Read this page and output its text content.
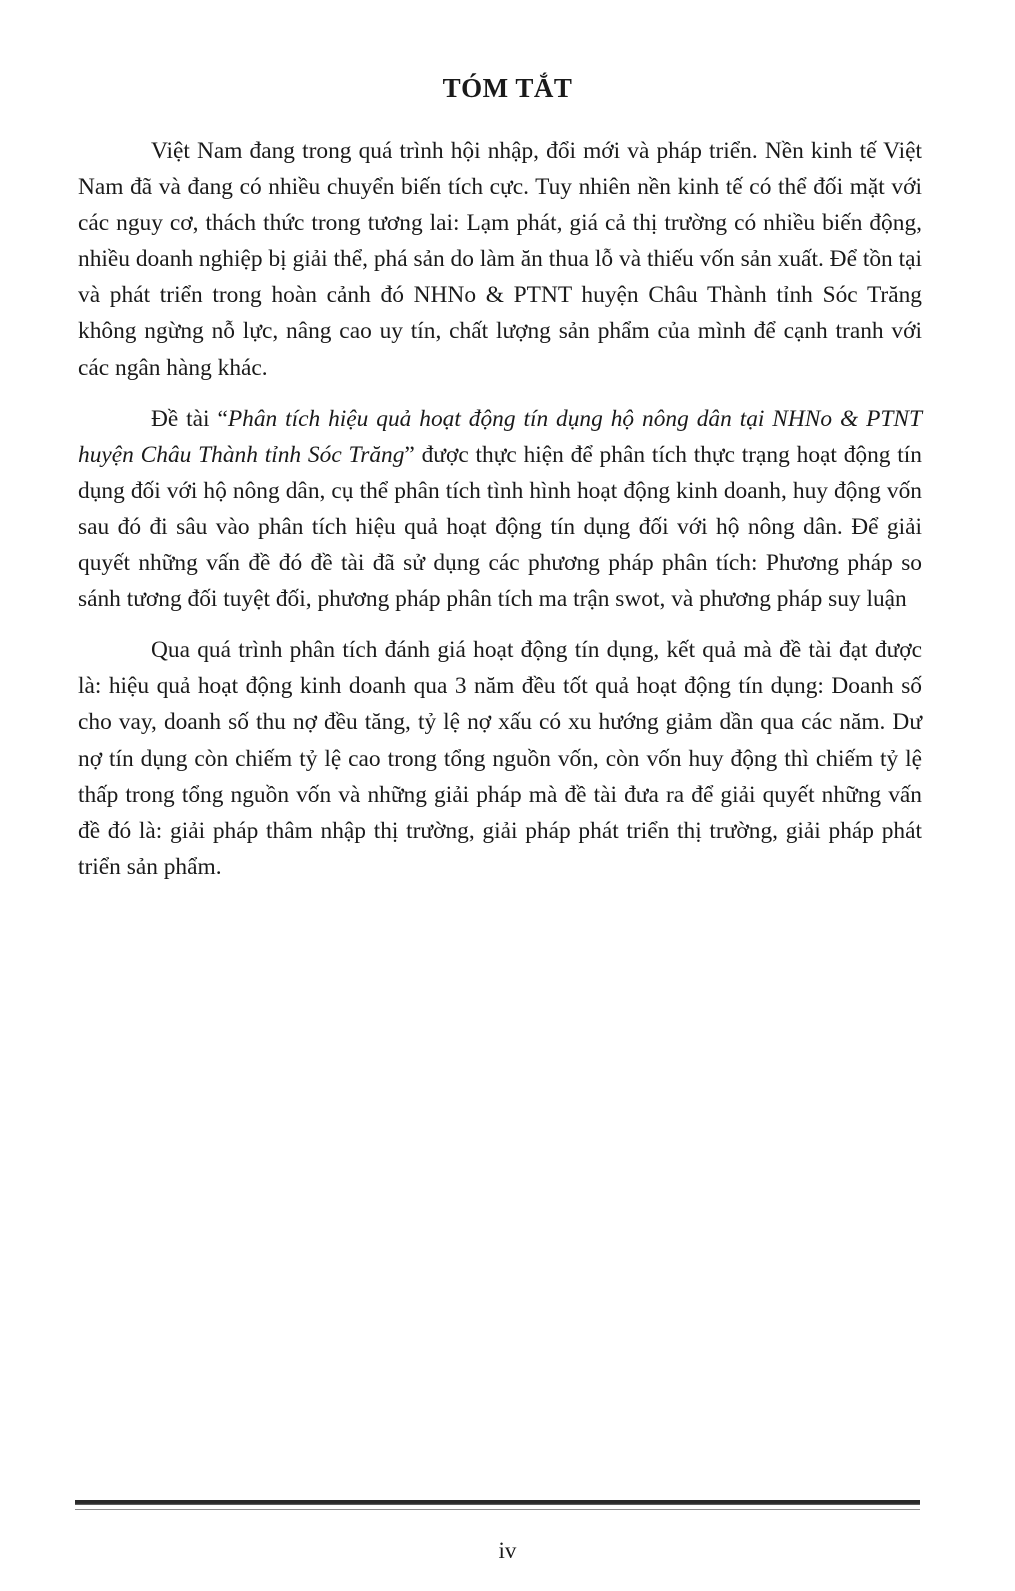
TÓM TẮT

Việt Nam đang trong quá trình hội nhập, đổi mới và pháp triển. Nền kinh tế Việt Nam đã và đang có nhiều chuyển biến tích cực. Tuy nhiên nền kinh tế có thể đối mặt với các nguy cơ, thách thức trong tương lai: Lạm phát, giá cả thị trường có nhiều biến động, nhiều doanh nghiệp bị giải thể, phá sản do làm ăn thua lỗ và thiếu vốn sản xuất. Để tồn tại và phát triển trong hoàn cảnh đó NHNo & PTNT huyện Châu Thành tỉnh Sóc Trăng không ngừng nỗ lực, nâng cao uy tín, chất lượng sản phẩm của mình để cạnh tranh với các ngân hàng khác.

Đề tài “Phân tích hiệu quả hoạt động tín dụng hộ nông dân tại NHNo & PTNT huyện Châu Thành tỉnh Sóc Trăng” được thực hiện để phân tích thực trạng hoạt động tín dụng đối với hộ nông dân, cụ thể phân tích tình hình hoạt động kinh doanh, huy động vốn sau đó đi sâu vào phân tích hiệu quả hoạt động tín dụng đối với hộ nông dân. Để giải quyết những vấn đề đó đề tài đã sử dụng các phương pháp phân tích: Phương pháp so sánh tương đối tuyệt đối, phương pháp phân tích ma trận swot, và phương pháp suy luận

Qua quá trình phân tích đánh giá hoạt động tín dụng, kết quả mà đề tài đạt được là: hiệu quả hoạt động kinh doanh qua 3 năm đều tốt quả hoạt động tín dụng: Doanh số cho vay, doanh số thu nợ đều tăng, tỷ lệ nợ xấu có xu hướng giảm dần qua các năm. Dư nợ tín dụng còn chiếm tỷ lệ cao trong tổng nguồn vốn, còn vốn huy động thì chiếm tỷ lệ thấp trong tổng nguồn vốn và những giải pháp mà đề tài đưa ra để giải quyết những vấn đề đó là: giải pháp thâm nhập thị trường, giải pháp phát triển thị trường, giải pháp phát triển sản phẩm.

iv
